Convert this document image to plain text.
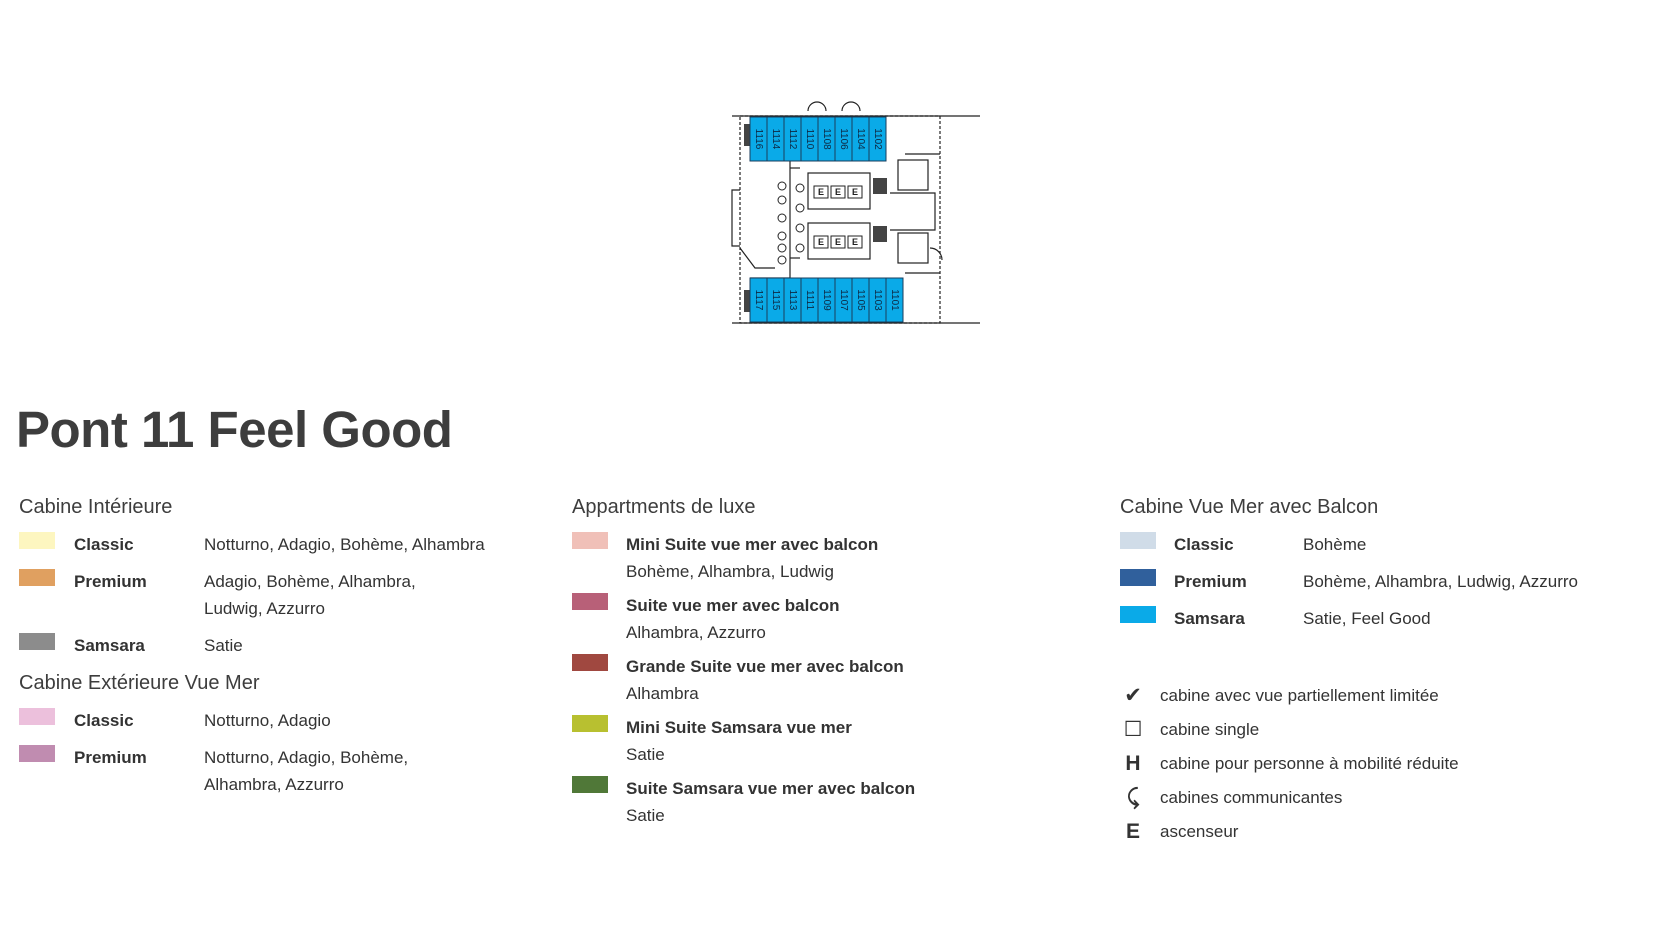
E E E
E E E
1116 1114 1112 1110 1108 1106 1104 1102
1117 1115 1113 1111 1109 1107 1105 1103 1101
Pont 11 Feel Good
Cabine Intérieure
Classic	Notturno, Adagio, Bohème, Alhambra
Premium	Adagio, Bohème, Alhambra,
Ludwig, Azzurro
Samsara	Satie
Cabine Extérieure Vue Mer
Classic	Notturno, Adagio
Premium	Notturno, Adagio, Bohème,
Alhambra, Azzurro
Appartments de luxe
Mini Suite vue mer avec balcon
Bohème, Alhambra, Ludwig
Suite vue mer avec balcon
Alhambra, Azzurro
Grande Suite vue mer avec balcon
Alhambra
Mini Suite Samsara vue mer
Satie
Suite Samsara vue mer avec balcon
Satie
Cabine Vue Mer avec Balcon
Classic	Bohème
Premium	Bohème, Alhambra, Ludwig, Azzurro
Samsara	Satie, Feel Good
✔ cabine avec vue partiellement limitée
☐ cabine single
H	cabine pour personne à mobilité réduite
⤹	cabines communicantes
E	ascenseur
